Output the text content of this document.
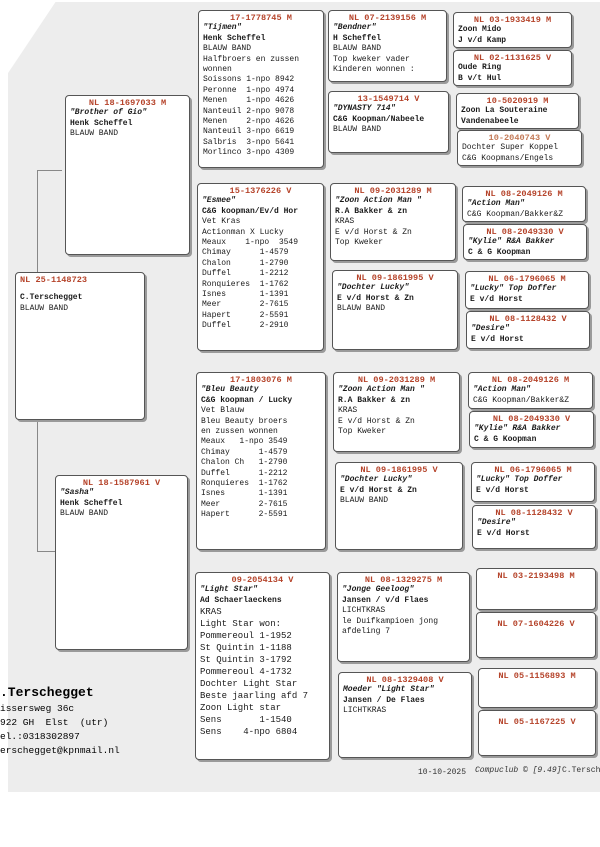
NL 25-1148723
C.Terschegget
BLAUW BAND
NL 18-1697033 M
"Brother of Gio"
Henk Scheffel
BLAUW BAND
NL 18-1587961 V
"Sasha"
Henk Scheffel
BLAUW BAND
17-1778745 M
"Tijmen"
Henk Scheffel
BLAUW BAND
Halfbroers en zussen
wonnen
Soissons 1-npo 8942
Peronne  1-npo 4974
Menen    1-npo 4626
Nanteuil 2-npo 9078
Menen    2-npo 4626
Nanteuil 3-npo 6619
Salbris  3-npo 5641
Morlinco 3-npo 4309
15-1376226 V
"Esmee"
C&G koopman/Ev/d Hor
Vet Kras
Actionman X Lucky
Meaux    1-npo  3549
Chimay      1-4579
Chalon      1-2790
Duffel      1-2212
Ronquieres  1-1762
Isnes       1-1391
Meer        2-7615
Hapert      2-5591
Duffel      2-2910
17-1803076 M
"Bleu Beauty
C&G koopman / Lucky
Vet Blauw
Bleu Beauty broers
en zussen wonnen
Meaux   1-npo 3549
Chimay      1-4579
Chalon Ch   1-2790
Duffel      1-2212
Ronquieres  1-1762
Isnes       1-1391
Meer        2-7615
Hapert      2-5591
09-2054134 V
"Light Star"
Ad Schaerlaeckens
KRAS
Light Star won:
Pommereoul 1-1952
St Quintin 1-1188
St Quintin 3-1792
Pommereoul 4-1732
Dochter Light Star
Beste jaarling afd 7
Zoon Light star
Sens       1-1540
Sens    4-npo 6804
NL 07-2139156 M
"Bendner"
H Scheffel
BLAUW BAND
Top kweker vader
Kinderen wonnen :
13-1549714 V
"DYNASTY 714"
C&G Koopman/Nabeele
BLAUW BAND
NL 09-2031289 M
"Zoon Action Man "
R.A Bakker & zn
KRAS
E v/d Horst & Zn
Top Kweker
NL 09-1861995 V
"Dochter Lucky"
E v/d Horst & Zn
BLAUW BAND
NL 09-2031289 M
"Zoon Action Man "
R.A Bakker & zn
KRAS
E v/d Horst & Zn
Top Kweker
NL 09-1861995 V
"Dochter Lucky"
E v/d Horst & Zn
BLAUW BAND
NL 08-1329275 M
"Jonge Geeloog"
Jansen / v/d Flaes
LICHTKRAS
le Duifkampioen jong
afdeling 7
NL 08-1329408 V
Moeder "Light Star"
Jansen / De Flaes
LICHTKRAS
NL 03-1933419 M
Zoon Mido
J v/d Kamp
NL 02-1131625 V
Oude Ring
B v/t Hul
10-5020919 M
Zoon La Souteraine
Vandenabeele
10-2040743 V
Dochter Super Koppel
C&G Koopmans/Engels
NL 08-2049126 M
"Action Man"
C&G Koopman/Bakker&Z
NL 08-2049330 V
"Kylie" R&A Bakker
C & G Koopman
NL 06-1796065 M
"Lucky" Top Doffer
E v/d Horst
NL 08-1128432 V
"Desire"
E v/d Horst
NL 08-2049126 M
"Action Man"
C&G Koopman/Bakker&Z
NL 08-2049330 V
"Kylie" R&A Bakker
C & G Koopman
NL 06-1796065 M
"Lucky" Top Doffer
E v/d Horst
NL 08-1128432 V
"Desire"
E v/d Horst
NL 03-2193498 M
NL 07-1604226 V
NL 05-1156893 M
NL 05-1167225 V
.Terschegget
issersweg 36c
922 GH  Elst  (utr)
el.:0318302897
erschegget@kpnmail.nl
10-10-2025 Compuclub © [9.49] C.Tersch
